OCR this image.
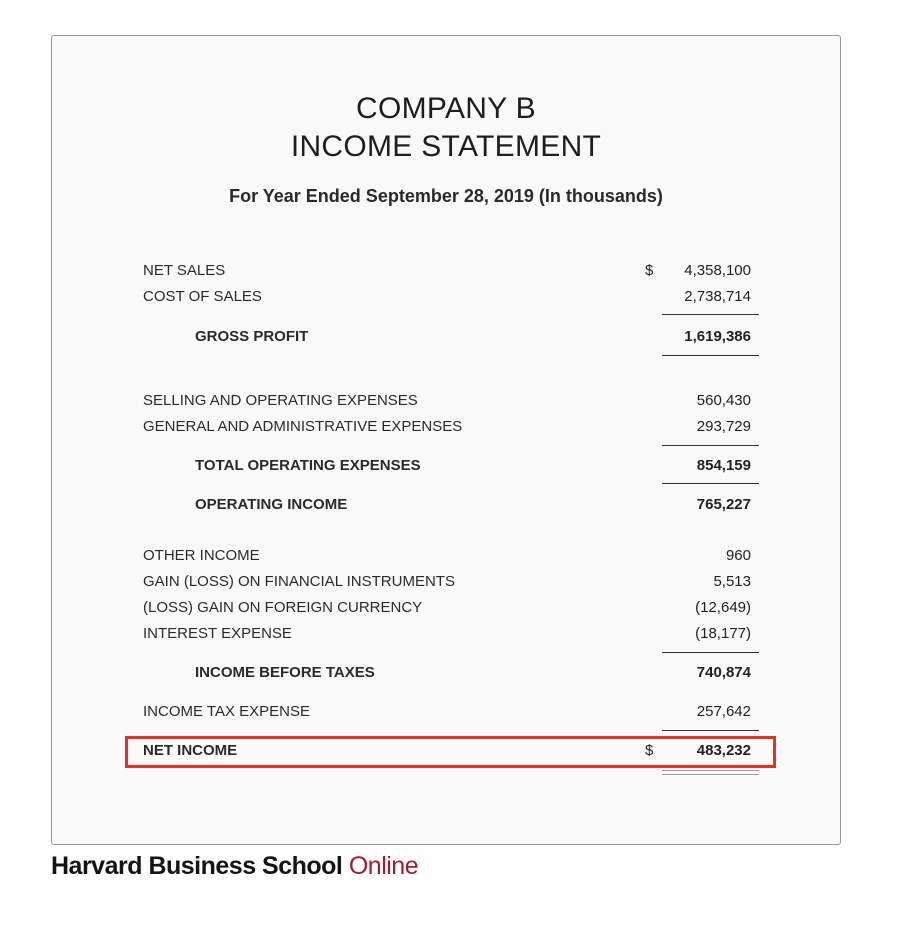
COMPANY B
INCOME STATEMENT
For Year Ended September 28, 2019 (In thousands)
NET SALES	$ 4,358,100
COST OF SALES	2,738,714
GROSS PROFIT	1,619,386
SELLING AND OPERATING EXPENSES	560,430
GENERAL AND ADMINISTRATIVE EXPENSES	293,729
TOTAL OPERATING EXPENSES	854,159
OPERATING INCOME	765,227
OTHER INCOME	960
GAIN (LOSS) ON FINANCIAL INSTRUMENTS	5,513
(LOSS) GAIN ON FOREIGN CURRENCY	(12,649)
INTEREST EXPENSE	(18,177)
INCOME BEFORE TAXES	740,874
INCOME TAX EXPENSE	257,642
NET INCOME	$	483,232
Harvard Business School Online
